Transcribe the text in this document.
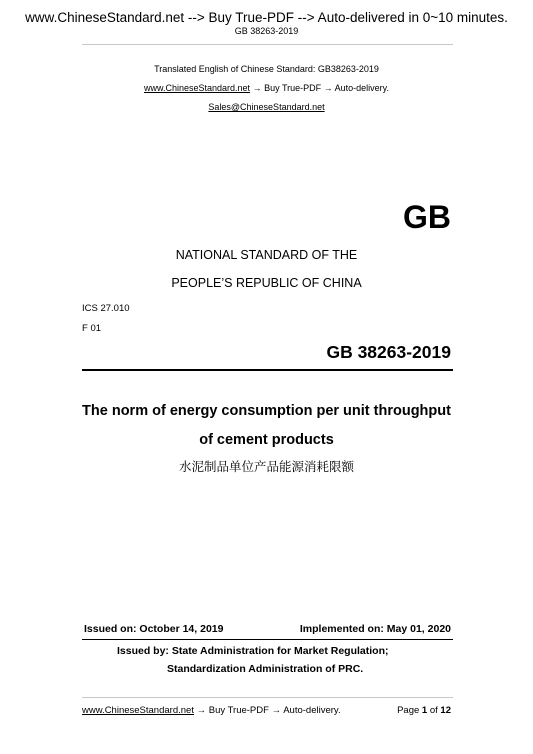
www.ChineseStandard.net --> Buy True-PDF --> Auto-delivered in 0~10 minutes.
GB 38263-2019
Translated English of Chinese Standard: GB38263-2019
www.ChineseStandard.net → Buy True-PDF → Auto-delivery.
Sales@ChineseStandard.net
GB
NATIONAL STANDARD OF THE
PEOPLE’S REPUBLIC OF CHINA
ICS 27.010
F 01
GB 38263-2019
The norm of energy consumption per unit throughput
of cement products
水泥制品单位产品能源消耗限额
Issued on: October 14, 2019	Implemented on: May 01, 2020
Issued by: State Administration for Market Regulation;
Standardization Administration of PRC.
www.ChineseStandard.net → Buy True-PDF → Auto-delivery.	Page 1 of 12
